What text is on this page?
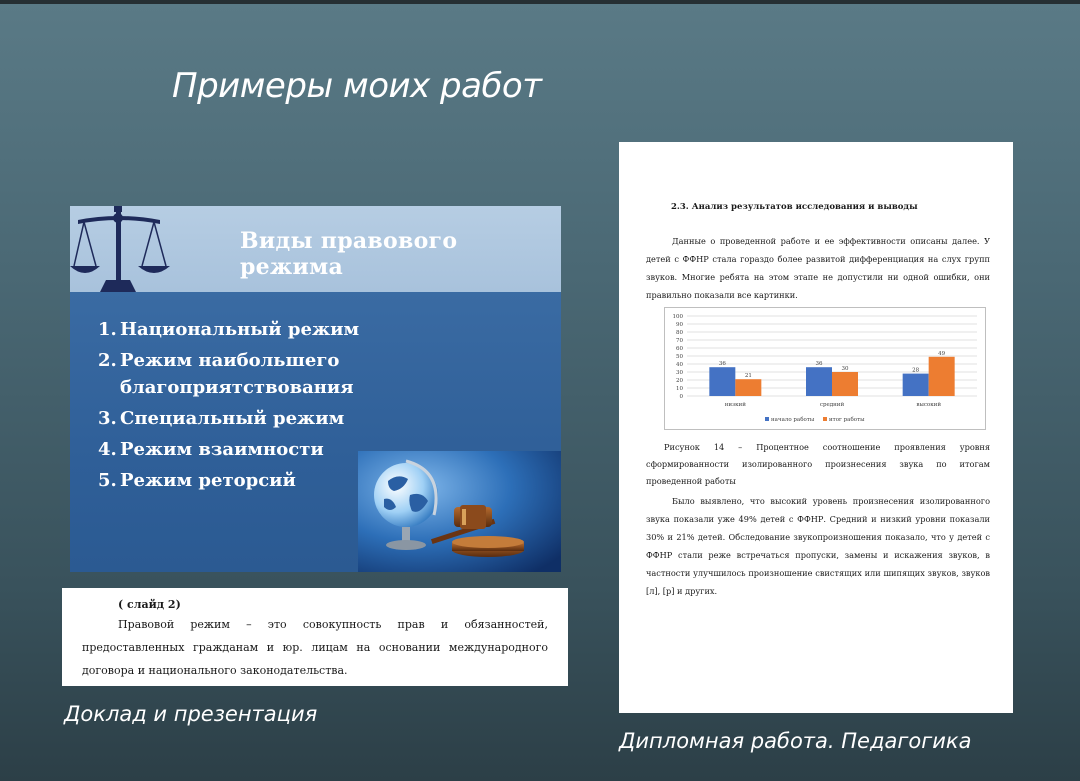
Примеры моих работ
Виды правового режима
1. Национальный режим
2. Режим наибольшего
благоприятствования
3. Специальный режим
4. Режим взаимности
5. Режим реторсий
( слайд 2)
Правовой режим – это совокупность прав и обязанностей, предоставленных гражданам и юр. лицам на основании международного договора и национального законодательства.
Доклад и презентация
2.3. Анализ результатов исследования и выводы
Данные о проведенной работе и ее эффективности описаны далее. У детей с ФФНР стала гораздо более развитой дифференциация на слух групп звуков. Многие ребята на этом этапе не допустили ни одной ошибки, они правильно показали все картинки.
0
10
20
30
40
50
60
70
80
90
100
36
21
низкий
36
30
средний
28
49
высокий
начало работы	итог работы
Рисунок 14 – Процентное соотношение проявления уровня сформированности изолированного произнесения звука по итогам проведенной работы
Было выявлено, что высокий уровень произнесения изолированного звука показали уже 49% детей с ФФНР. Средний и низкий уровни показали 30% и 21% детей. Обследование звукопроизношения показало, что у детей с ФФНР стали реже встречаться пропуски, замены и искажения звуков, в частности улучшилось произношение свистящих или шипящих звуков, звуков [л], [р] и других.
Дипломная работа. Педагогика
